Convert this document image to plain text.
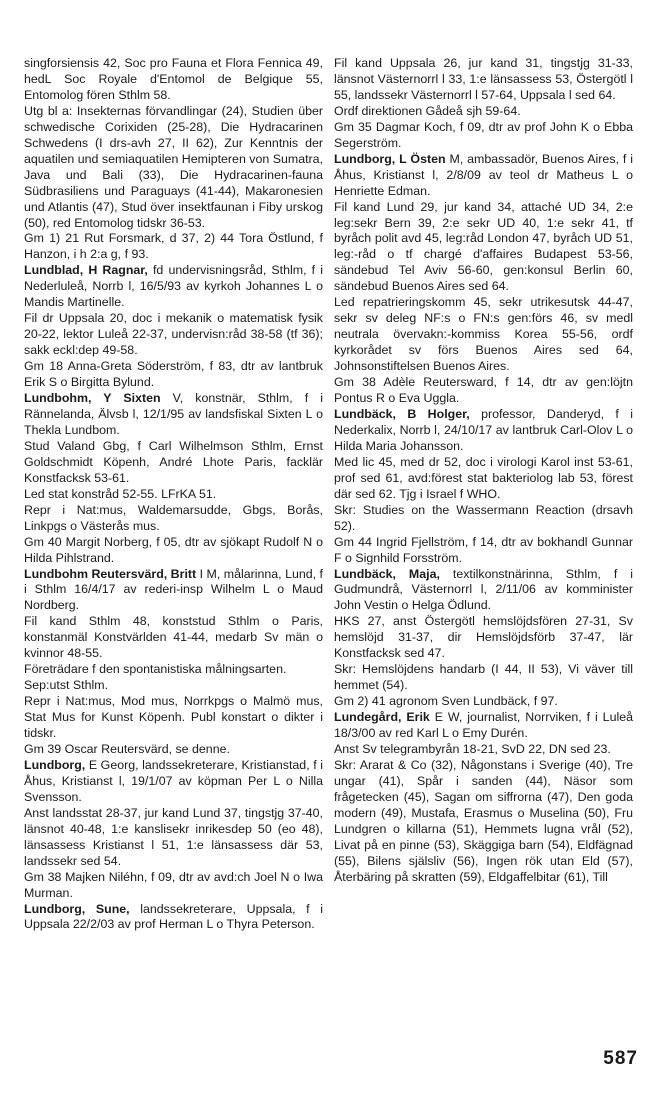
singforsiensis 42, Soc pro Fauna et Flora Fennica 49, hedL Soc Royale d'Entomol de Belgique 55, Entomolog fören Sthlm 58.

Utg bl a: Insekternas förvandlingar (24), Studien über schwedische Corixiden (25-28), Die Hydracarinen Schwedens (I drs-avh 27, II 62), Zur Kenntnis der aquatilen und semiaquatilen Hemipteren von Sumatra, Java und Bali (33), Die Hydracarinen-fauna Südbrasiliens und Paraguays (41-44), Makaronesien und Atlantis (47), Stud över insektfaunan i Fiby urskog (50), red Entomolog tidskr 36-53.

Gm 1) 21 Rut Forsmark, d 37, 2) 44 Tora Östlund, f Hanzon, i h 2:a g, f 93.

Lundblad, H Ragnar, fd undervisningsråd, Sthlm, f i Nederluleå, Norrb l, 16/5/93 av kyrkoh Johannes L o Mandis Martinelle.

Fil dr Uppsala 20, doc i mekanik o matematisk fysik 20-22, lektor Luleå 22-37, undervisn:råd 38-58 (tf 36); sakk eckl:dep 49-58.

Gm 18 Anna-Greta Söderström, f 83, dtr av lantbruk Erik S o Birgitta Bylund.

Lundbohm, Y Sixten V, konstnär, Sthlm, f i Rännelanda, Älvsb l, 12/1/95 av landsfiskal Sixten L o Thekla Lundbom.

Stud Valand Gbg, f Carl Wilhelmson Sthlm, Ernst Goldschmidt Köpenh, André Lhote Paris, facklär Konstfacksk 53-61.

Led stat konstråd 52-55. LFrKA 51.

Repr i Nat:mus, Waldemarsudde, Gbgs, Borås, Linkpgs o Västerås mus.

Gm 40 Margit Norberg, f 05, dtr av sjökapt Rudolf N o Hilda Pihlstrand.

Lundbohm Reutersvärd, Britt I M, målarinna, Lund, f i Sthlm 16/4/17 av rederi-insp Wilhelm L o Maud Nordberg.

Fil kand Sthlm 48, konststud Sthlm o Paris, konstanmäl Konstvärlden 41-44, medarb Sv män o kvinnor 48-55.

Företrädare f den spontanistiska målningsarten.

Sep:utst Sthlm.

Repr i Nat:mus, Mod mus, Norrkpgs o Malmö mus, Stat Mus for Kunst Köpenh. Publ konstart o dikter i tidskr.

Gm 39 Oscar Reutersvärd, se denne.

Lundborg, E Georg, landssekreterare, Kristianstad, f i Åhus, Kristianst l, 19/1/07 av köpman Per L o Nilla Svensson.

Anst landsstat 28-37, jur kand Lund 37, tingstjg 37-40, länsnot 40-48, 1:e kanslisekr inrikesdep 50 (eo 48), länsassess Kristianst l 51, 1:e länsassess där 53, landssekr sed 54.

Gm 38 Majken Niléhn, f 09, dtr av avd:ch Joel N o Iwa Murman.

Lundborg, Sune, landssekreterare, Uppsala, f i Uppsala 22/2/03 av prof Herman L o Thyra Peterson.

Fil kand Uppsala 26, jur kand 31, tingstjg 31-33, länsnot Västernorrl l 33, 1:e länsassess 53, Östergötl l 55, landssekr Västernorrl l 57-64, Uppsala l sed 64.

Ordf direktionen Gådeå sjh 59-64.

Gm 35 Dagmar Koch, f 09, dtr av prof John K o Ebba Segerström.

Lundborg, L Östen M, ambassadör, Buenos Aires, f i Åhus, Kristianst l, 2/8/09 av teol dr Matheus L o Henriette Edman.

Fil kand Lund 29, jur kand 34, attaché UD 34, 2:e leg:sekr Bern 39, 2:e sekr UD 40, 1:e sekr 41, tf byråch polit avd 45, leg:råd London 47, byråch UD 51, leg:-råd o tf chargé d'affaires Budapest 53-56, sändebud Tel Aviv 56-60, gen:konsul Berlin 60, sändebud Buenos Aires sed 64.

Led repatrieringskomm 45, sekr utrikesutsk 44-47, sekr sv deleg NF:s o FN:s gen:förs 46, sv medl neutrala övervakn:-kommiss Korea 55-56, ordf kyrkorådet sv förs Buenos Aires sed 64, Johnsonstiftelsen Buenos Aires.

Gm 38 Adèle Reutersward, f 14, dtr av gen:löjtn Pontus R o Eva Uggla.

Lundbäck, B Holger, professor, Danderyd, f i Nederkalix, Norrb l, 24/10/17 av lantbruk Carl-Olov L o Hilda Maria Johansson.

Med lic 45, med dr 52, doc i virologi Karol inst 53-61, prof sed 61, avd:förest stat bakteriolog lab 53, förest där sed 62. Tjg i Israel f WHO.

Skr: Studies on the Wassermann Reaction (drsavh 52).

Gm 44 Ingrid Fjellström, f 14, dtr av bokhandl Gunnar F o Signhild Forsström.

Lundbäck, Maja, textilkonstnärinna, Sthlm, f i Gudmundrå, Västernorrl l, 2/11/06 av komminister John Vestin o Helga Ödlund.

HKS 27, anst Östergötl hemslöjdsfören 27-31, Sv hemslöjd 31-37, dir Hemslöjdsförb 37-47, lär Konstfacksk sed 47.

Skr: Hemslöjdens handarb (I 44, II 53), Vi väver till hemmet (54).

Gm 2) 41 agronom Sven Lundbäck, f 97.

Lundegård, Erik E W, journalist, Norrviken, f i Luleå 18/3/00 av red Karl L o Emy Durén.

Anst Sv telegrambyrån 18-21, SvD 22, DN sed 23.

Skr: Ararat & Co (32), Någonstans i Sverige (40), Tre ungar (41), Spår i sanden (44), Näsor som frågetecken (45), Sagan om siffrorna (47), Den goda modern (49), Mustafa, Erasmus o Muselina (50), Fru Lundgren o killarna (51), Hemmets lugna vrål (52), Livat på en pinne (53), Skäggiga barn (54), Eldfägnad (55), Bilens själsliv (56), Ingen rök utan Eld (57), Återbäring på skratten (59), Eldgaffelbitar (61), Till

587
